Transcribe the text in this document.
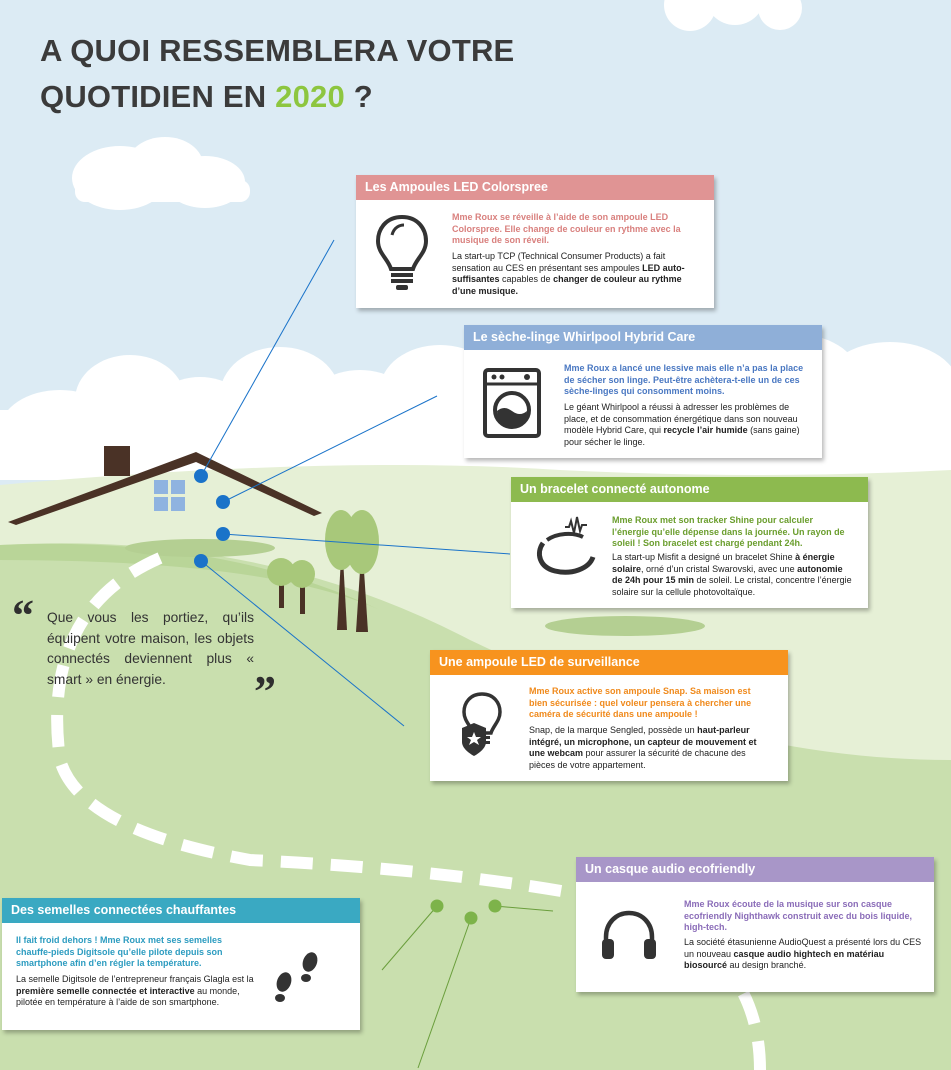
A QUOI RESSEMBLERA VOTRE
QUOTIDIEN EN 2020 ?
“ Que vous les portiez, qu’ils équipent votre maison, les objets connectés deviennent plus « smart » en énergie.	”
Les Ampoules LED Colorspree
Mme Roux se réveille à l’aide de son ampoule LED Colorspree. Elle change de couleur en rythme avec la musique de son réveil.
La start-up TCP (Technical Consumer Products) a fait sensation au CES en présentant ses ampoules LED auto-suffisantes capables de changer de couleur au rythme d’une musique.
Le sèche-linge Whirlpool Hybrid Care
Mme Roux a lancé une lessive mais elle n’a pas la place de sécher son linge. Peut-être achètera-t-elle un de ces sèche-linges qui consomment moins.
Le géant Whirlpool a réussi à adresser les problèmes de place, et de consommation énergétique dans son nouveau modèle Hybrid Care, qui recycle l’air humide (sans gaine) pour sécher le linge.
Un bracelet connecté autonome
Mme Roux met son tracker Shine pour calculer l’énergie qu’elle dépense dans la journée. Un rayon de soleil ! Son bracelet est chargé pendant 24h.
La start-up Misfit a designé un bracelet Shine à énergie solaire, orné d’un cristal Swarovski, avec une autonomie de 24h pour 15 min de soleil. Le cristal, concentre l’énergie solaire sur la cellule photovoltaïque.
Une ampoule LED de surveillance
Mme Roux active son ampoule Snap. Sa maison est bien sécurisée : quel voleur pensera à chercher une caméra de sécurité dans une ampoule !
Snap, de la marque Sengled, possède un haut-parleur intégré, un microphone, un capteur de mouvement et une webcam pour assurer la sécurité de chacune des pièces de votre appartement.
Un casque audio ecofriendly
Mme Roux écoute de la musique sur son casque ecofriendly Nighthawk construit avec du bois liquide, high-tech.
La société étasunienne AudioQuest a présenté lors du CES un nouveau casque audio hightech en matériau biosourcé au design branché.
Des semelles connectées chauffantes
Il fait froid dehors ! Mme Roux met ses semelles chauffe-pieds Digitsole qu’elle pilote depuis son smartphone afin d’en régler la température.
La semelle Digitsole de l’entrepreneur français Glagla est la première semelle connectée et interactive au monde, pilotée en température à l’aide de son smartphone.
